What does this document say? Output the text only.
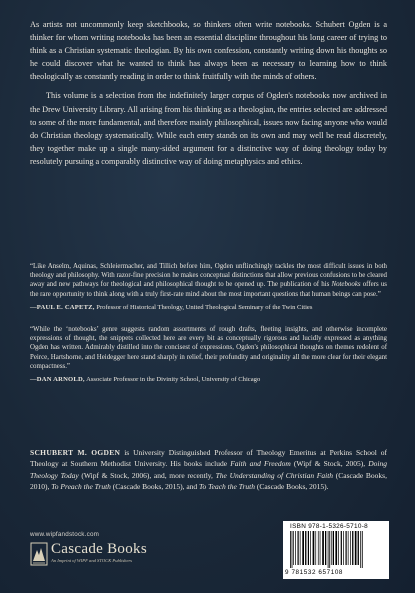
As artists not uncommonly keep sketchbooks, so thinkers often write notebooks. Schubert Ogden is a thinker for whom writing notebooks has been an essential discipline throughout his long career of trying to think as a Christian systematic theologian. By his own confession, constantly writing down his thoughts so he could discover what he wanted to think has always been as necessary to learning how to think theologically as constantly reading in order to think fruitfully with the minds of others.

This volume is a selection from the indefinitely larger corpus of Ogden's notebooks now archived in the Drew University Library. All arising from his thinking as a theologian, the entries selected are addressed to some of the more fundamental, and therefore mainly philosophical, issues now facing anyone who would do Christian theology systematically. While each entry stands on its own and may well be read discretely, they together make up a single many-sided argument for a distinctive way of doing theology today by resolutely pursuing a comparably distinctive way of doing metaphysics and ethics.

“Like Anselm, Aquinas, Schleiermacher, and Tillich before him, Ogden unflinchingly tackles the most difficult issues in both theology and philosophy. With razor-fine precision he makes conceptual distinctions that allow previous confusions to be cleared away and new pathways for theological and philosophical thought to be opened up. The publication of his Notebooks offers us the rare opportunity to think along with a truly first-rate mind about the most important questions that human beings can pose.”

—PAUL E. CAPETZ, Professor of Historical Theology, United Theological Seminary of the Twin Cities

“While the ‘notebooks’ genre suggests random assortments of rough drafts, fleeting insights, and otherwise incomplete expressions of thought, the snippets collected here are every bit as conceptually rigorous and lucidly expressed as anything Ogden has written. Admirably distilled into the concisest of expressions, Ogden's philosophical thoughts on themes redolent of Peirce, Hartshorne, and Heidegger here stand sharply in relief, their profundity and originality all the more clear for their elegant compactness.”

—DAN ARNOLD, Associate Professor in the Divinity School, University of Chicago

SCHUBERT M. OGDEN is University Distinguished Professor of Theology Emeritus at Perkins School of Theology at Southern Methodist University. His books include Faith and Freedom (Wipf & Stock, 2005), Doing Theology Today (Wipf & Stock, 2006), and, more recently, The Understanding of Christian Faith (Cascade Books, 2010), To Preach the Truth (Cascade Books, 2015), and To Teach the Truth (Cascade Books, 2015).

www.wipfandstock.com
Cascade Books
An Imprint of WIPF and STOCK Publishers
ISBN 978-1-5326-5710-8
9 781532 657108
